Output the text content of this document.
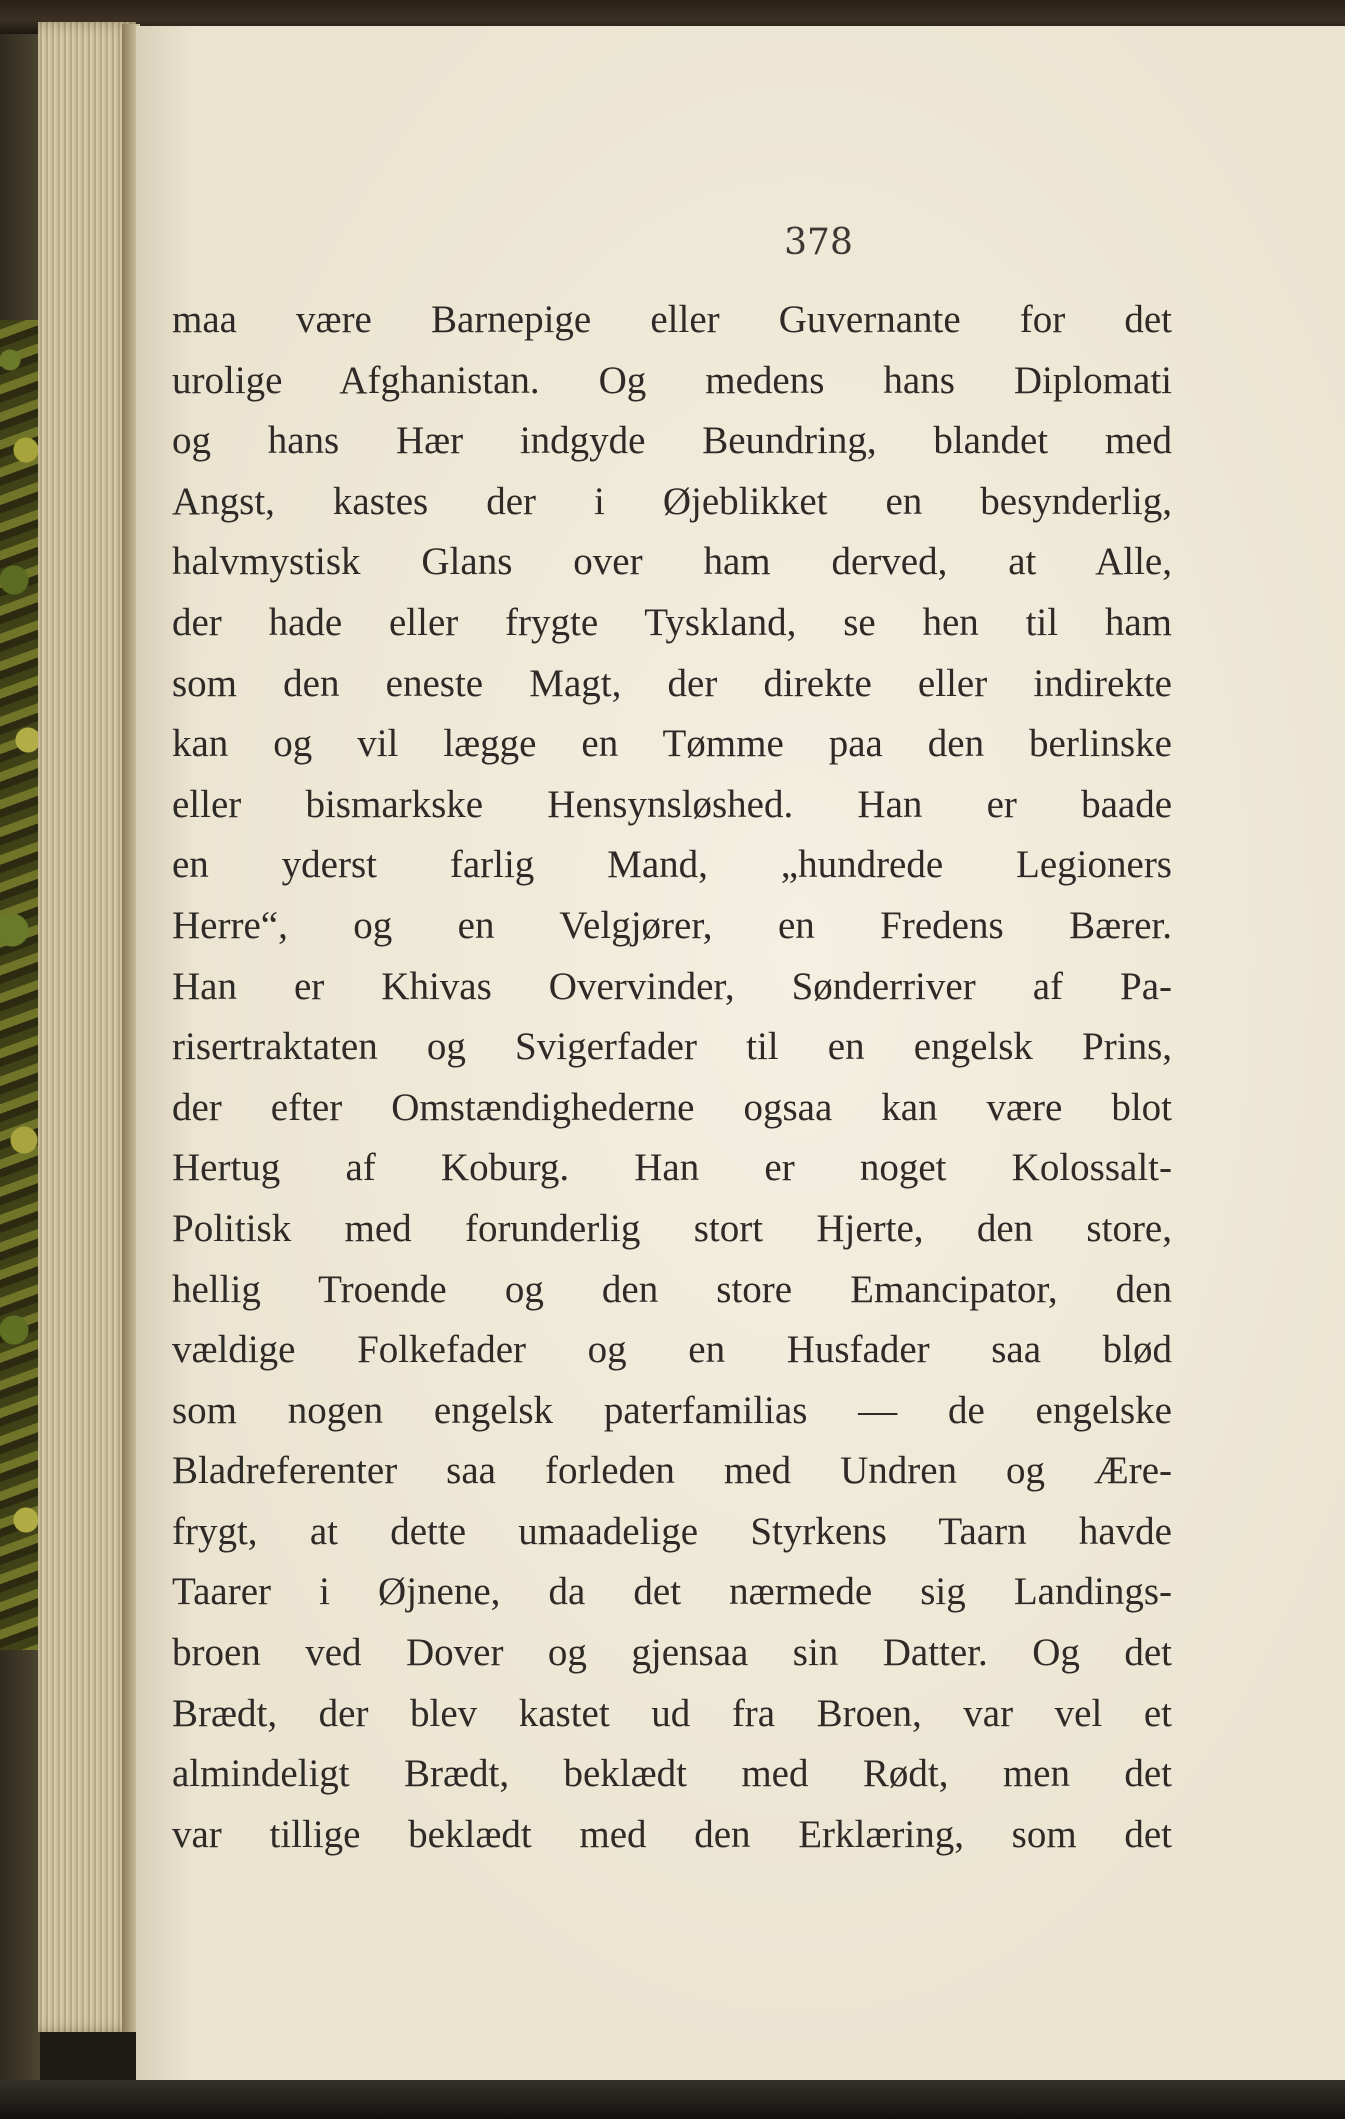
378
maa være Barnepige eller Guvernante for det
urolige Afghanistan. Og medens hans Diplomati
og hans Hær indgyde Beundring, blandet med
Angst, kastes der i Øjeblikket en besynderlig,
halvmystisk Glans over ham derved, at Alle,
der hade eller frygte Tyskland, se hen til ham
som den eneste Magt, der direkte eller indirekte
kan og vil lægge en Tømme paa den berlinske
eller bismarkske Hensynsløshed. Han er baade
en yderst farlig Mand, „hundrede Legioners
Herre“, og en Velgjører, en Fredens Bærer.
Han er Khivas Overvinder, Sønderriver af Pa-
risertraktaten og Svigerfader til en engelsk Prins,
der efter Omstændighederne ogsaa kan være blot
Hertug af Koburg. Han er noget Kolossalt-
Politisk med forunderlig stort Hjerte, den store,
hellig Troende og den store Emancipator, den
vældige Folkefader og en Husfader saa blød
som nogen engelsk paterfamilias — de engelske
Bladreferenter saa forleden med Undren og Ære-
frygt, at dette umaadelige Styrkens Taarn havde
Taarer i Øjnene, da det nærmede sig Landings-
broen ved Dover og gjensaa sin Datter. Og det
Brædt, der blev kastet ud fra Broen, var vel et
almindeligt Brædt, beklædt med Rødt, men det
var tillige beklædt med den Erklæring, som det
